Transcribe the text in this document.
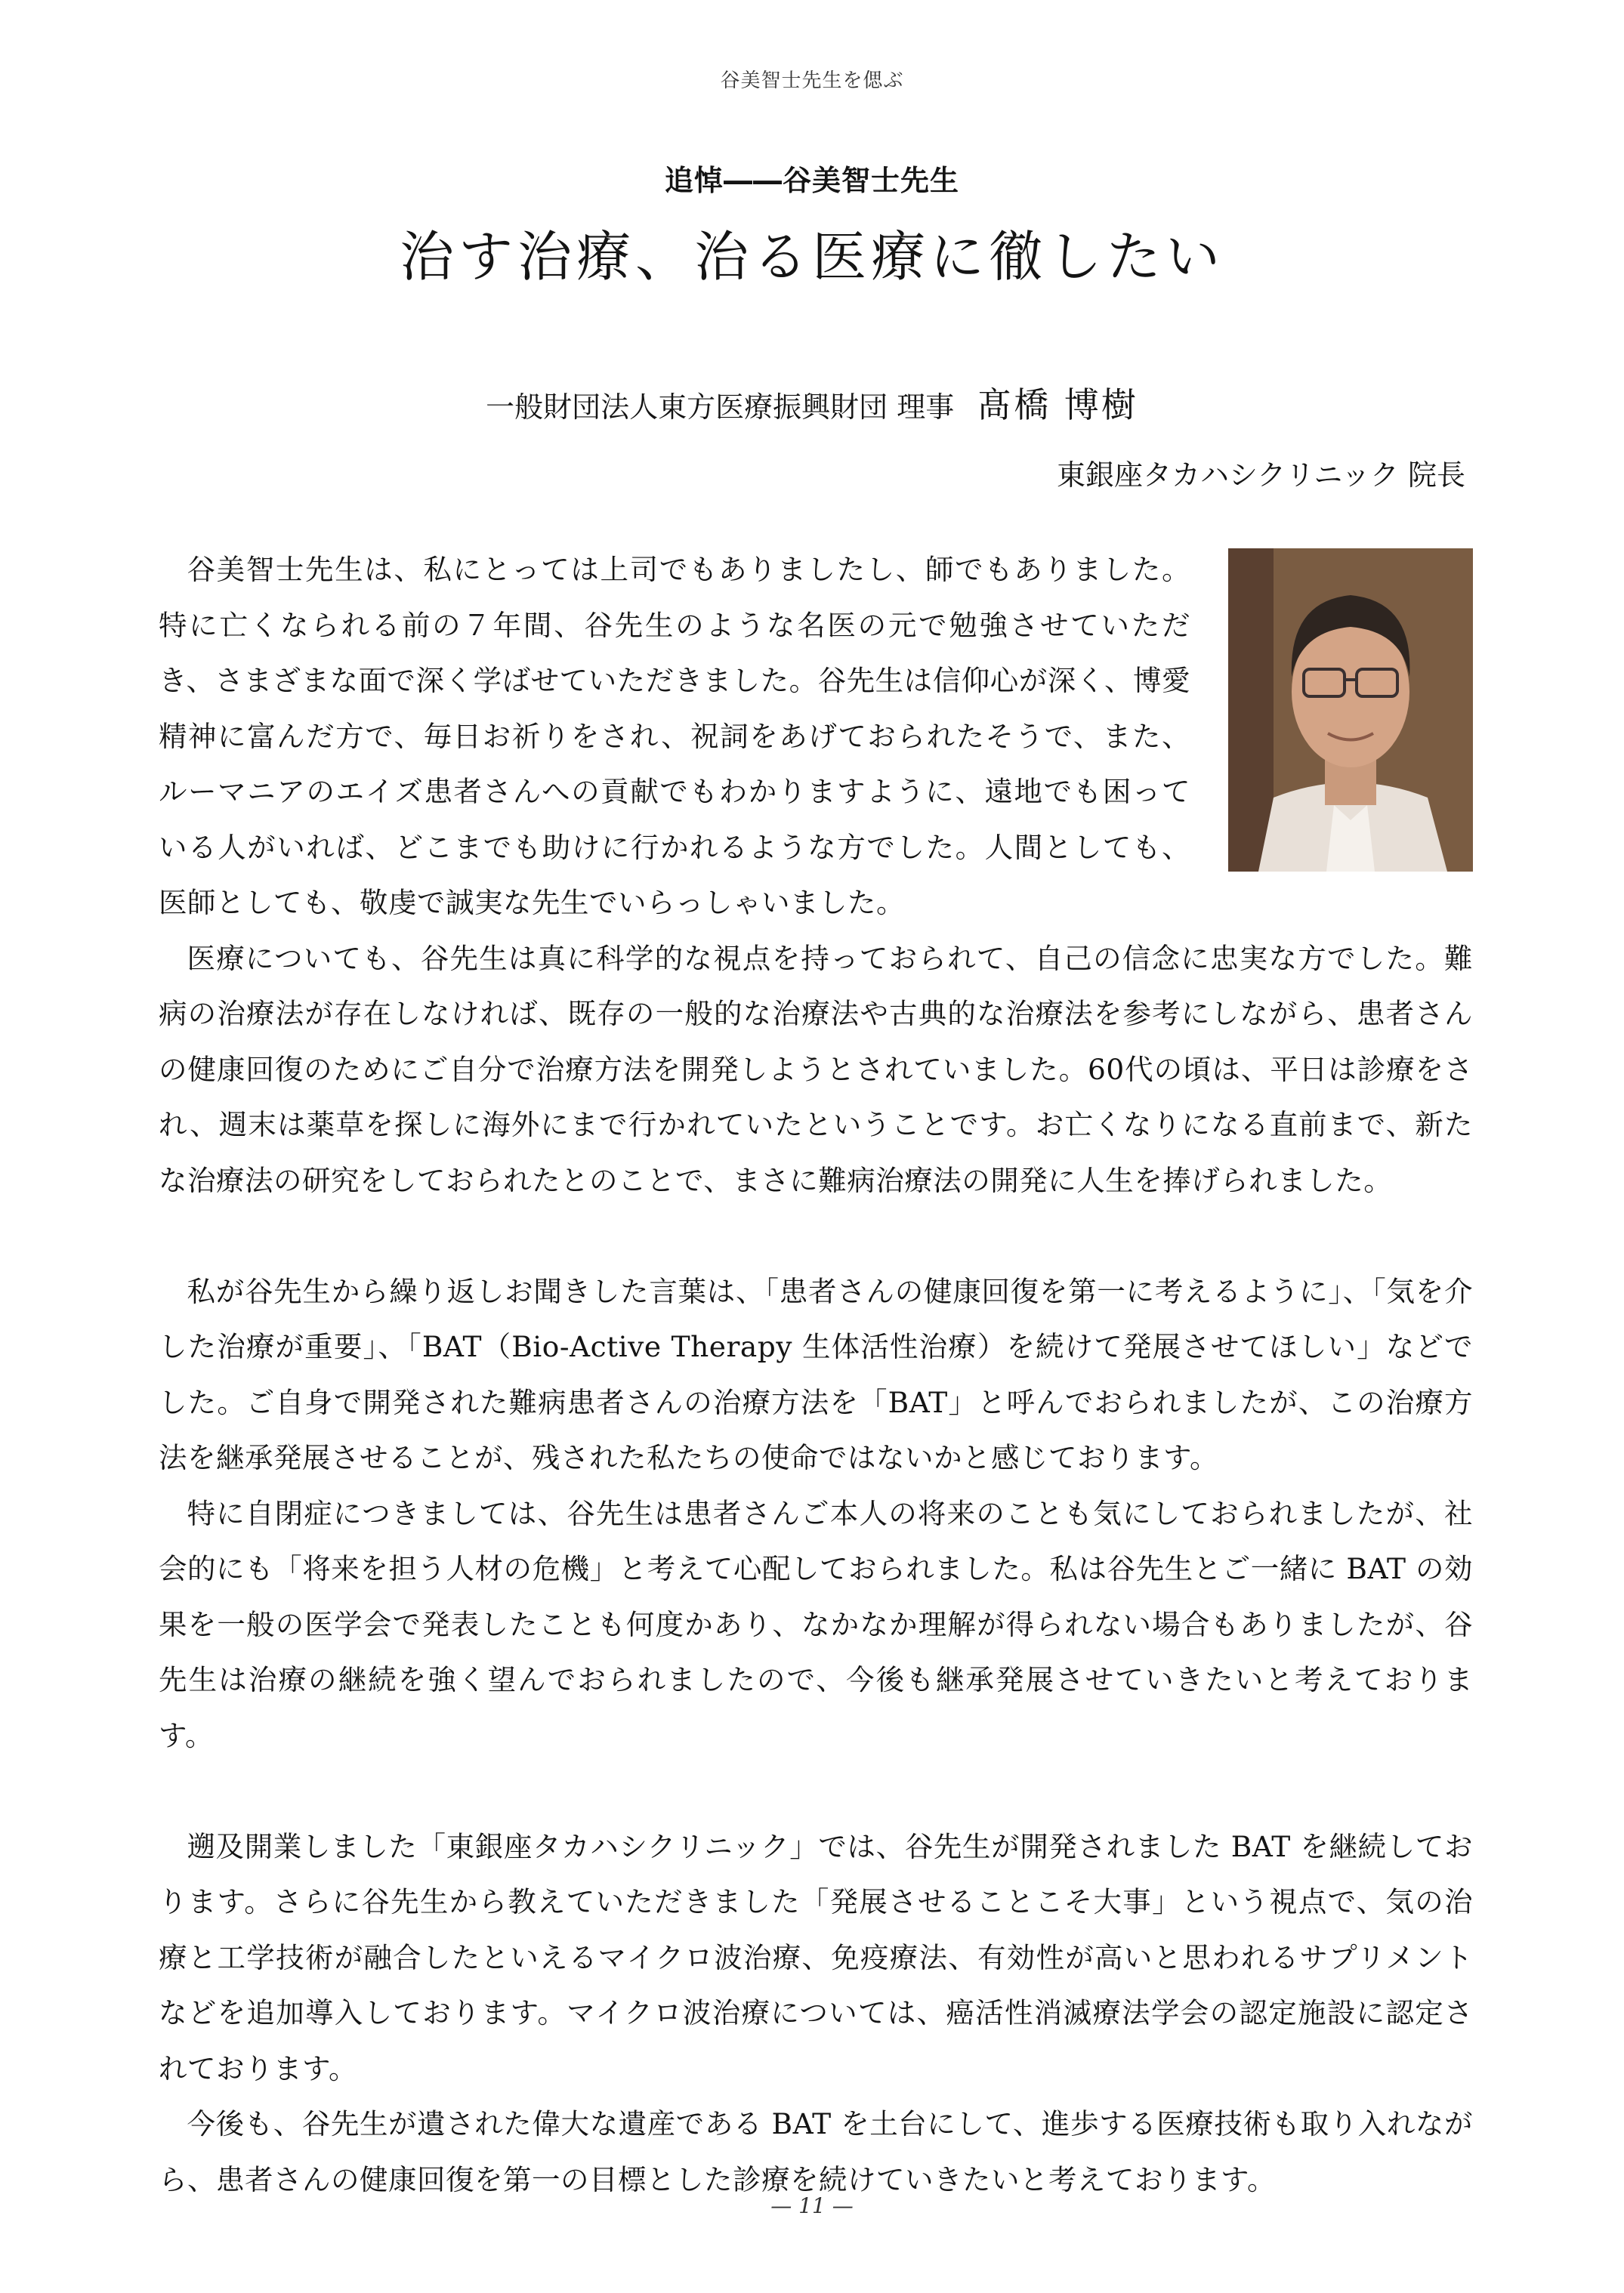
谷美智士先生を偲ぶ
追悼――谷美智士先生
治す治療、治る医療に徹したい
一般財団法人東方医療振興財団 理事 髙橋 博樹
東銀座タカハシクリニック 院長

谷美智士先生は、私にとっては上司でもありましたし、師でもありました。特に亡くなられる前の７年間、谷先生のような名医の元で勉強させていただき、さまざまな面で深く学ばせていただきました。谷先生は信仰心が深く、博愛精神に富んだ方で、毎日お祈りをされ、祝詞をあげておられたそうで、また、ルーマニアのエイズ患者さんへの貢献でもわかりますように、遠地でも困っている人がいれば、どこまでも助けに行かれるような方でした。人間としても、医師としても、敬虔で誠実な先生でいらっしゃいました。

医療についても、谷先生は真に科学的な視点を持っておられて、自己の信念に忠実な方でした。難病の治療法が存在しなければ、既存の一般的な治療法や古典的な治療法を参考にしながら、患者さんの健康回復のためにご自分で治療方法を開発しようとされていました。60代の頃は、平日は診療をされ、週末は薬草を探しに海外にまで行かれていたということです。お亡くなりになる直前まで、新たな治療法の研究をしておられたとのことで、まさに難病治療法の開発に人生を捧げられました。

私が谷先生から繰り返しお聞きした言葉は、「患者さんの健康回復を第一に考えるように」、「気を介した治療が重要」、「BAT（Bio-Active Therapy 生体活性治療）を続けて発展させてほしい」などでした。ご自身で開発された難病患者さんの治療方法を「BAT」と呼んでおられましたが、この治療方法を継承発展させることが、残された私たちの使命ではないかと感じております。

特に自閉症につきましては、谷先生は患者さんご本人の将来のことも気にしておられましたが、社会的にも「将来を担う人材の危機」と考えて心配しておられました。私は谷先生とご一緒に BAT の効果を一般の医学会で発表したことも何度かあり、なかなか理解が得られない場合もありましたが、谷先生は治療の継続を強く望んでおられましたので、今後も継承発展させていきたいと考えております。

遡及開業しました「東銀座タカハシクリニック」では、谷先生が開発されました BAT を継続しております。さらに谷先生から教えていただきました「発展させることこそ大事」という視点で、気の治療と工学技術が融合したといえるマイクロ波治療、免疫療法、有効性が高いと思われるサプリメントなどを追加導入しております。マイクロ波治療については、癌活性消滅療法学会の認定施設に認定されております。

今後も、谷先生が遺された偉大な遺産である BAT を土台にして、進歩する医療技術も取り入れながら、患者さんの健康回復を第一の目標とした診療を続けていきたいと考えております。

— 11 —
